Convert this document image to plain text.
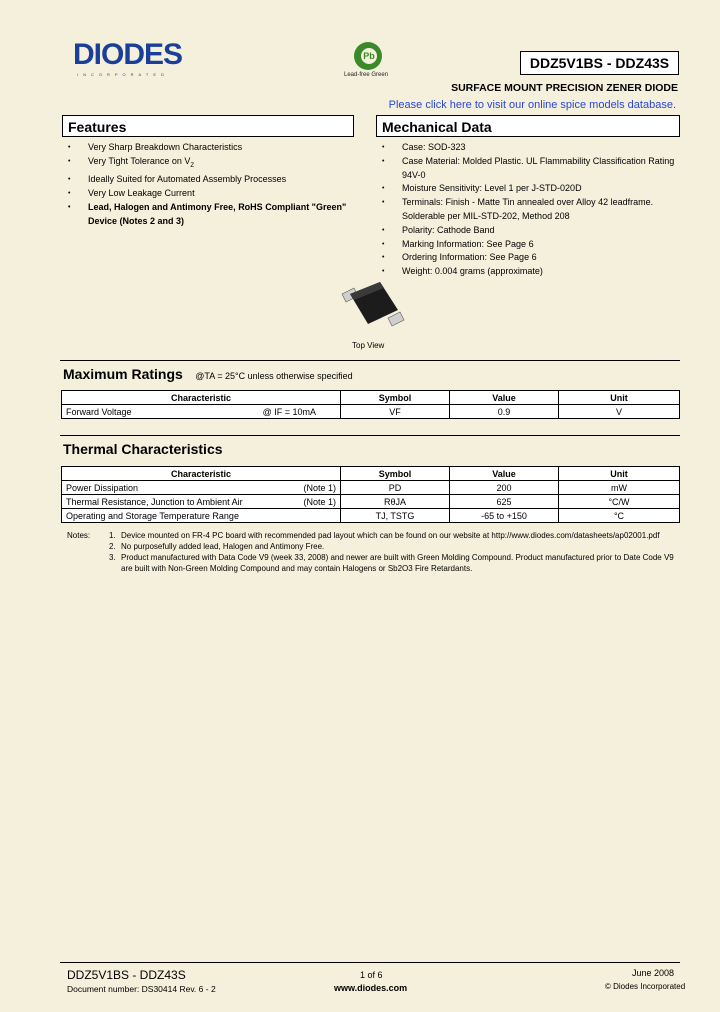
DIODES
INCORPORATED
Pb
Lead-free Green
DDZ5V1BS - DDZ43S
SURFACE MOUNT PRECISION ZENER DIODE
Please click here to visit our online spice models database.
Features
• Very Sharp Breakdown Characteristics
• Very Tight Tolerance on $V_Z$
• Ideally Suited for Automated Assembly Processes
• Very Low Leakage Current
• Lead, Halogen and Antimony Free, RoHS Compliant "Green" Device (Notes 2 and 3)
Mechanical Data
• Case: SOD-323
• Case Material: Molded Plastic. UL Flammability Classification Rating 94V-0
• Moisture Sensitivity: Level 1 per J-STD-020D
• Terminals: Finish - Matte Tin annealed over Alloy 42 leadframe. Solderable per MIL-STD-202, Method 208
• Polarity: Cathode Band
• Marking Information: See Page 6
• Ordering Information: See Page 6
• Weight: 0.004 grams (approximate)
Top View
Maximum Ratings @TA = 25°C unless otherwise specified
Characteristic	Symbol	Value	Unit
Forward Voltage @ IF = 10mA	VF	0.9	V
Thermal Characteristics
Characteristic	Symbol	Value	Unit
Power Dissipation (Note 1)	PD	200	mW
Thermal Resistance, Junction to Ambient Air (Note 1)	RθJA	625	°C/W
Operating and Storage Temperature Range	TJ, TSTG	-65 to +150	°C
Notes: 1. Device mounted on FR-4 PC board with recommended pad layout which can be found on our website at http://www.diodes.com/datasheets/ap02001.pdf
2. No purposefully added lead, Halogen and Antimony Free.
3. Product manufactured with Data Code V9 (week 33, 2008) and newer are built with Green Molding Compound. Product manufactured prior to Date Code V9 are built with Non-Green Molding Compound and may contain Halogens or Sb2O3 Fire Retardants.
DDZ5V1BS - DDZ43S
Document number: DS30414 Rev. 6 - 2
1 of 6
www.diodes.com
June 2008
© Diodes Incorporated
